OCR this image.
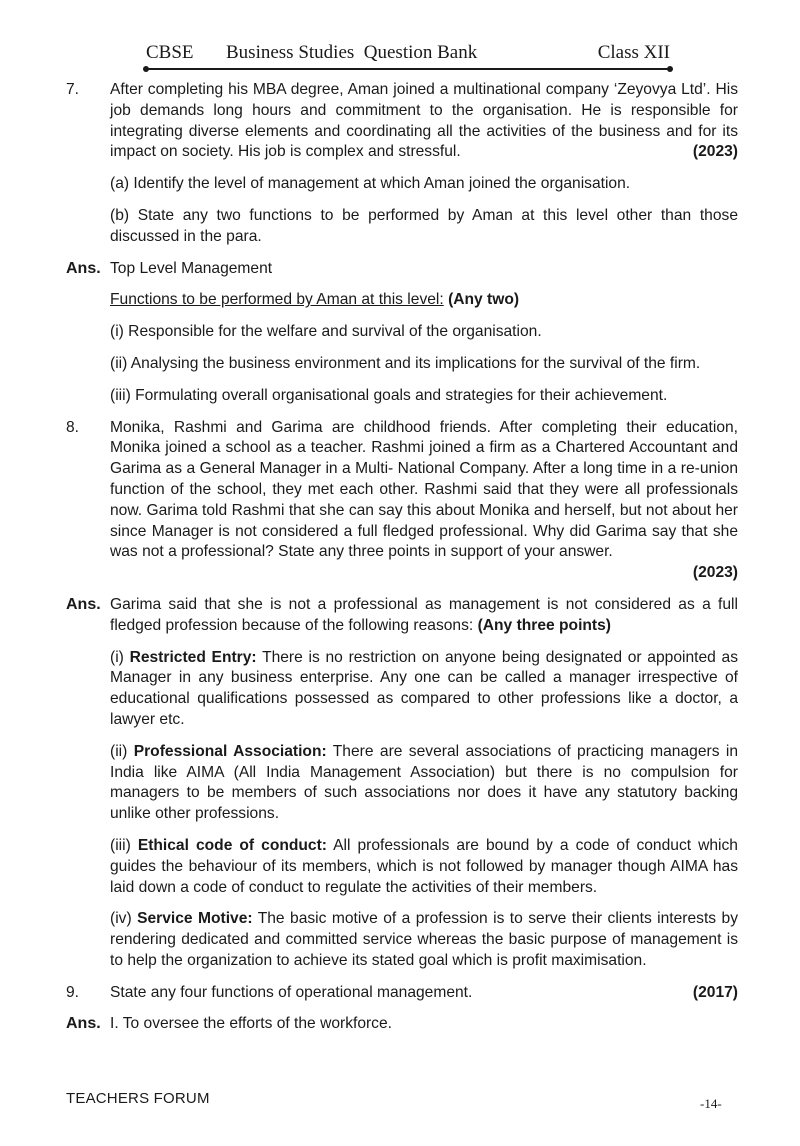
CBSE Business Studies  Question Bank	Class XII
7. After completing his MBA degree, Aman joined a multinational company ‘Zeyovya Ltd’. His job demands long hours and commitment to the organisation. He is responsible for integrating diverse elements and coordinating all the activities of the business and for its impact on society. His job is complex and stressful.	(2023)

(a) Identify the level of management at which Aman joined the organisation.

(b) State any two functions to be performed by Aman at this level other than those discussed in the para.

Ans. Top Level Management

Functions to be performed by Aman at this level: (Any two)

(i) Responsible for the welfare and survival of the organisation.

(ii) Analysing the business environment and its implications for the survival of the firm.

(iii) Formulating overall organisational goals and strategies for their achievement.

8. Monika, Rashmi and Garima are childhood friends. After completing their education, Monika joined a school as a teacher. Rashmi joined a firm as a Chartered Accountant and Garima as a General Manager in a Multi- National Company. After a long time in a re-union function of the school, they met each other. Rashmi said that they were all professionals now. Garima told Rashmi that she can say this about Monika and herself, but not about her since Manager is not considered a full fledged professional. Why did Garima say that she was not a professional? State any three points in support of your answer.

(2023)
Ans. Garima said that she is not a professional as management is not considered as a full fledged profession because of the following reasons: (Any three points)

(i) Restricted Entry: There is no restriction on anyone being designated or appointed as Manager in any business enterprise. Any one can be called a manager irrespective of educational qualifications possessed as compared to other professions like a doctor, a lawyer etc.

(ii) Professional Association: There are several associations of practicing managers in India like AIMA (All India Management Association) but there is no compulsion for managers to be members of such associations nor does it have any statutory backing unlike other professions.

(iii) Ethical code of conduct: All professionals are bound by a code of conduct which guides the behaviour of its members, which is not followed by manager though AIMA has laid down a code of conduct to regulate the activities of their members.

(iv) Service Motive: The basic motive of a profession is to serve their clients interests by rendering dedicated and committed service whereas the basic purpose of management is to help the organization to achieve its stated goal which is profit maximisation.

9. State any four functions of operational management.	(2017)
Ans. I. To oversee the efforts of the workforce.

TEACHERS FORUM	-14-
